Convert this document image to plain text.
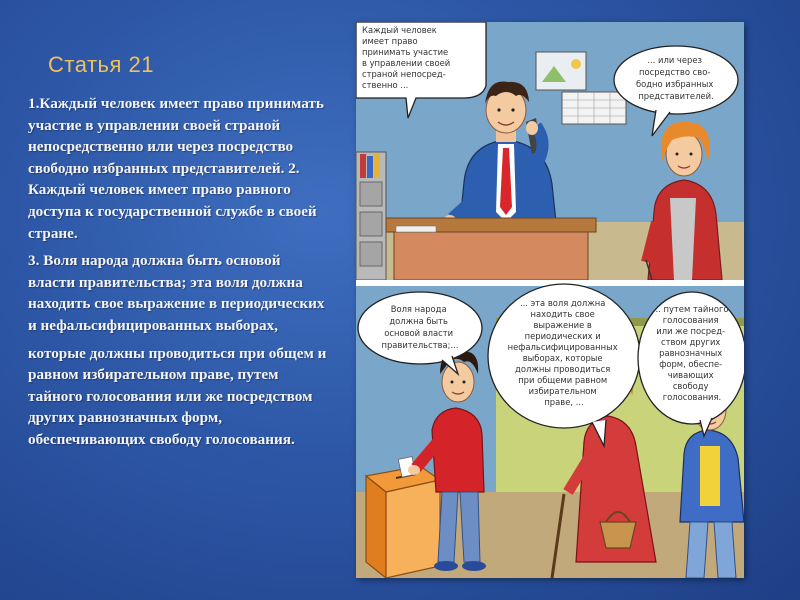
Статья 21

1.Каждый человек имеет право принимать участие в управлении своей страной непосредственно или через посредство свободно избранных представителей. 2. Каждый человек имеет право равного доступа к государственной службе в своей стране.

3. Воля народа должна быть основой власти правительства; эта воля должна находить свое выражение в периодических и нефальсифицированных выборах,

которые должны проводиться при общем и равном избирательном праве, путем тайного голосования или же посредством других равнозначных форм, обеспечивающих свободу голосования.

Каждый человек имеет право принимать участие в управлении своей страной непосред- ственно ...
... или через посредство сво- бодно избранных представителей.
Воля народа должна быть основой власти правительства;...
... эта воля должна находить свое выражение в периодических и нефальсифицированных выборах, которые должны проводиться при общеми равном избирательном праве, ...
... путем тайного голосования или же посред- ством других равнозначных форм, обеспе- чивающих свободу голосования.
